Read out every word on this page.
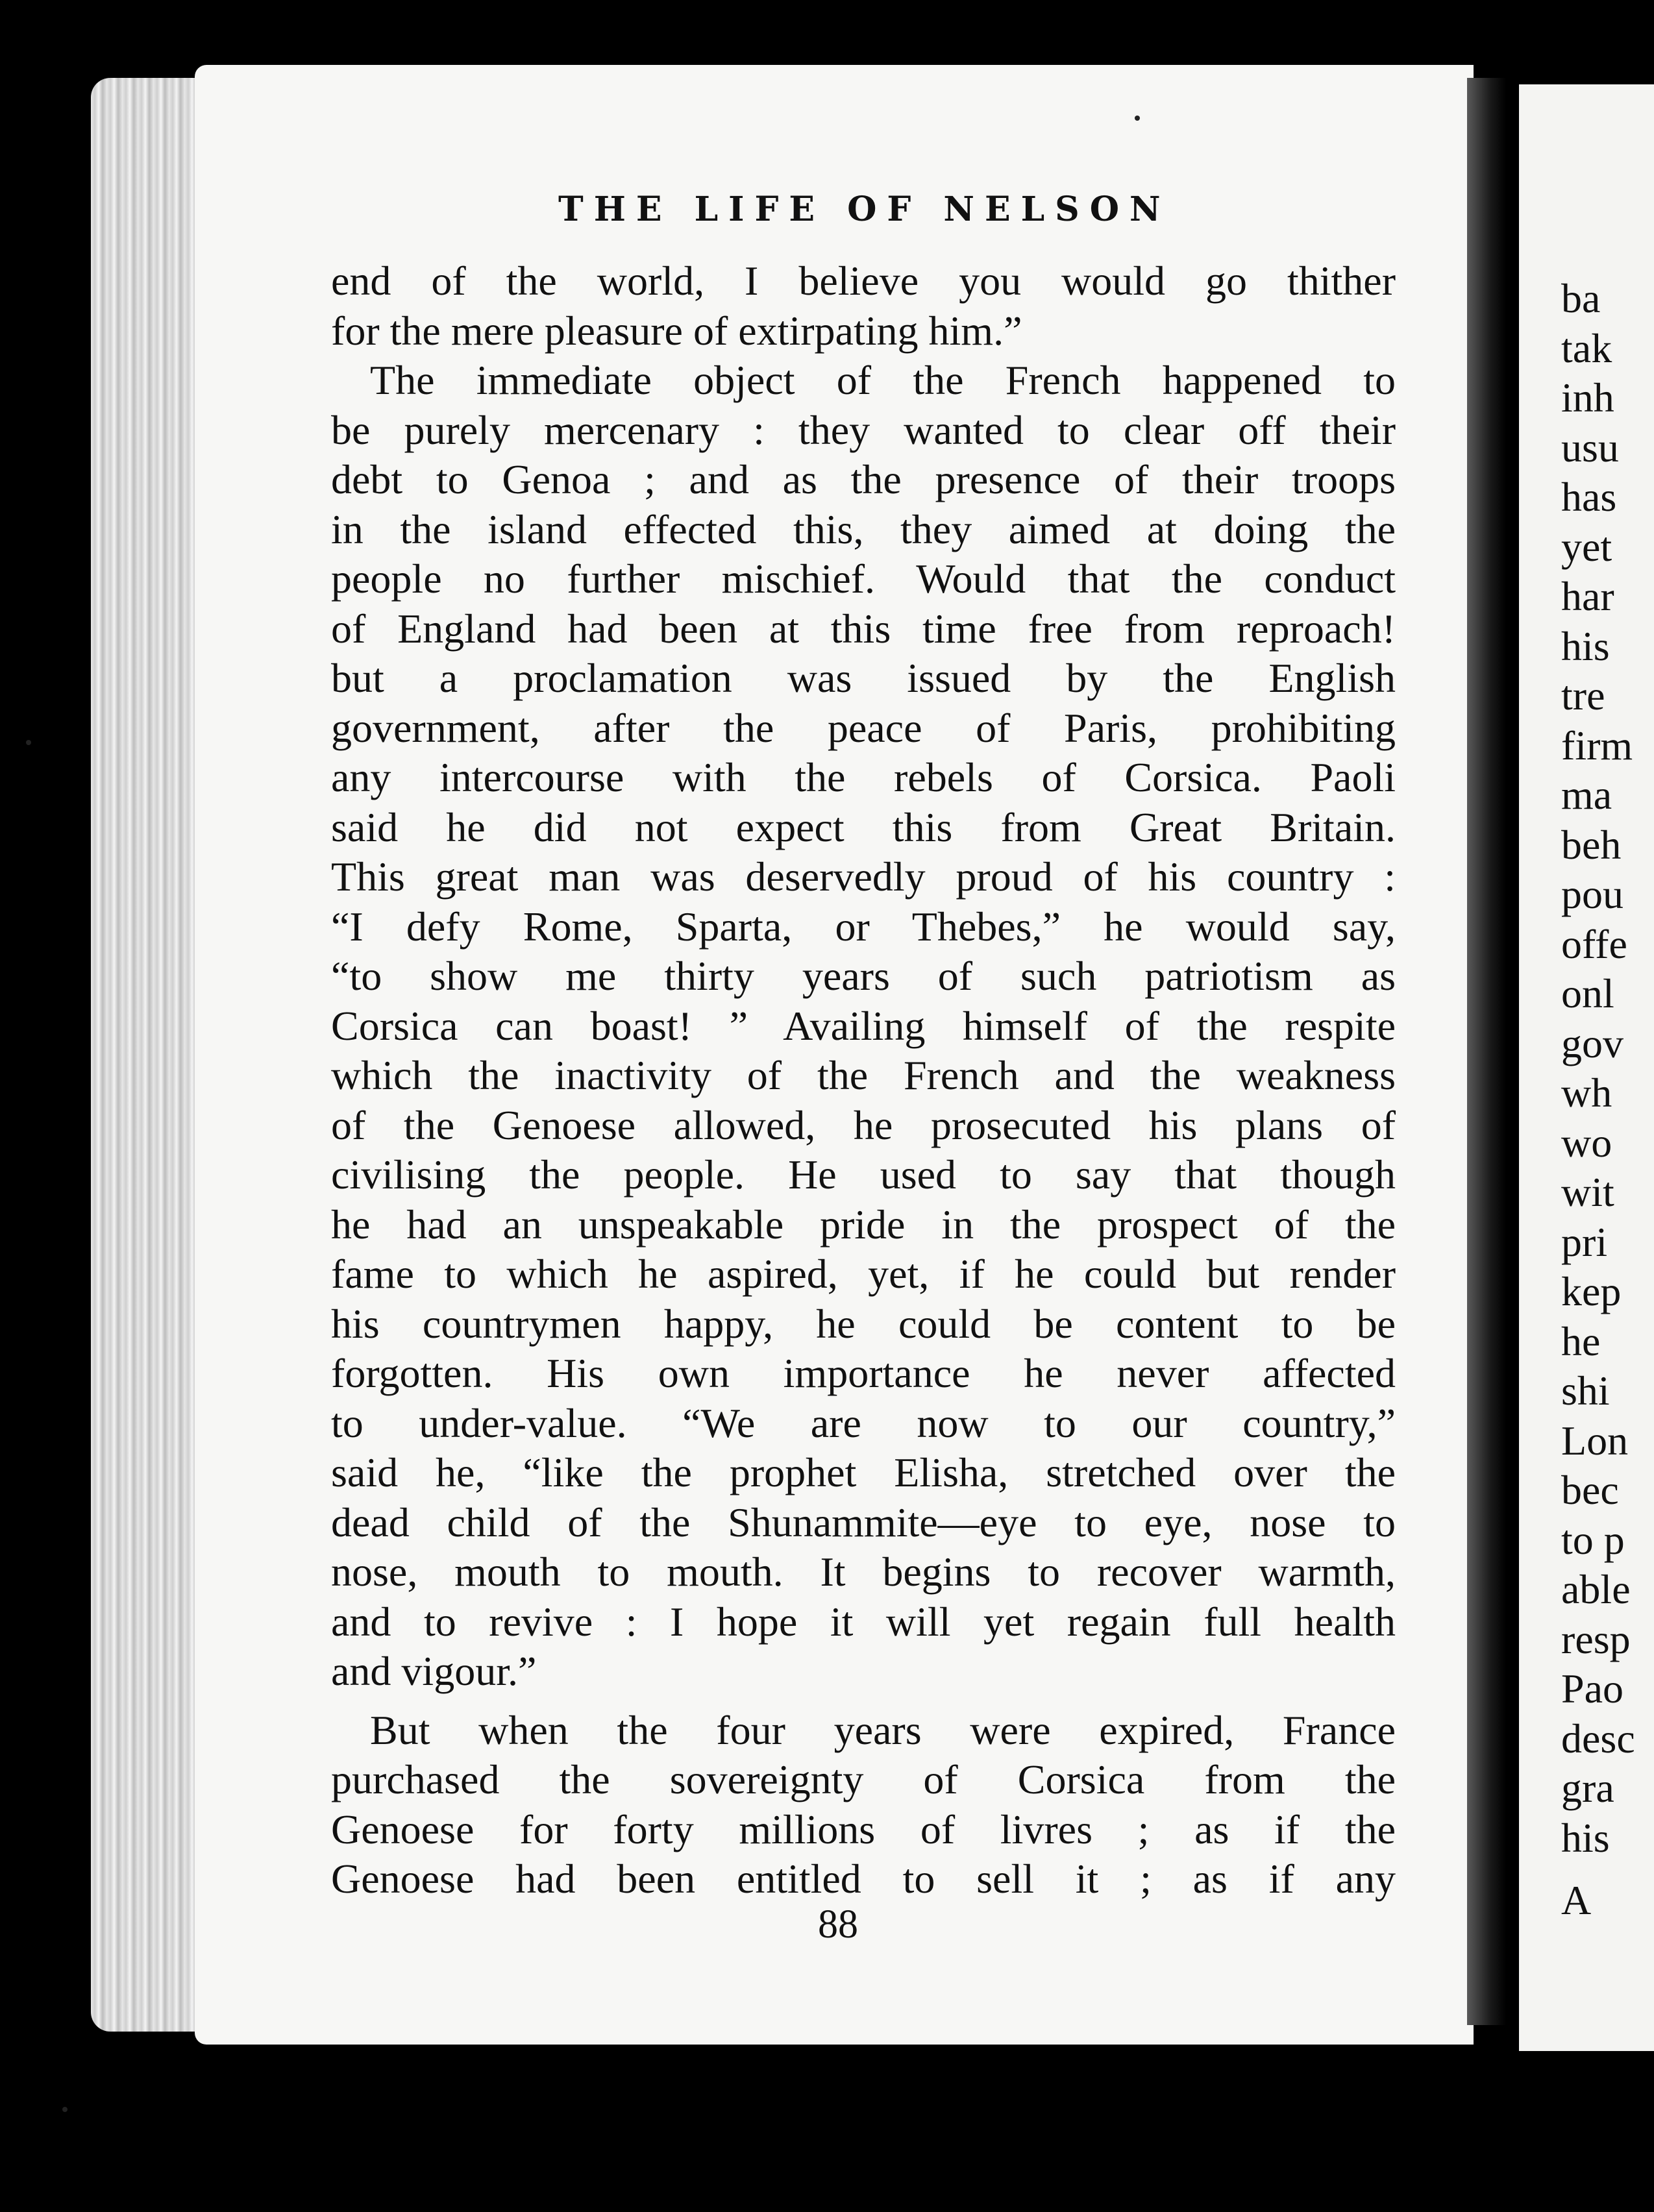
THE LIFE OF NELSON
end of the world, I believe you would go thither
for the mere pleasure of extirpating him.”
The immediate object of the French happened to
be purely mercenary : they wanted to clear off their
debt to Genoa ; and as the presence of their troops
in the island effected this, they aimed at doing the
people no further mischief. Would that the conduct
of England had been at this time free from reproach!
but a proclamation was issued by the English
government, after the peace of Paris, prohibiting
any intercourse with the rebels of Corsica. Paoli
said he did not expect this from Great Britain.
This great man was deservedly proud of his country :
“I defy Rome, Sparta, or Thebes,” he would say,
“to show me thirty years of such patriotism as
Corsica can boast! ” Availing himself of the respite
which the inactivity of the French and the weakness
of the Genoese allowed, he prosecuted his plans of
civilising the people. He used to say that though
he had an unspeakable pride in the prospect of the
fame to which he aspired, yet, if he could but render
his countrymen happy, he could be content to be
forgotten. His own importance he never affected
to under-value. “We are now to our country,”
said he, “like the prophet Elisha, stretched over the
dead child of the Shunammite—eye to eye, nose to
nose, mouth to mouth. It begins to recover warmth,
and to revive : I hope it will yet regain full health
and vigour.”
But when the four years were expired, France
purchased the sovereignty of Corsica from the
Genoese for forty millions of livres ; as if the
Genoese had been entitled to sell it ; as if any
88
ba
tak
inh
usu
has
yet
har
his
tre
firm
ma
beh
pou
offe
onl
gov
wh
wo
wit
pri
kep
he
shi
Lon
bec
to p
able
resp
Pao
desc
gra
his
A
